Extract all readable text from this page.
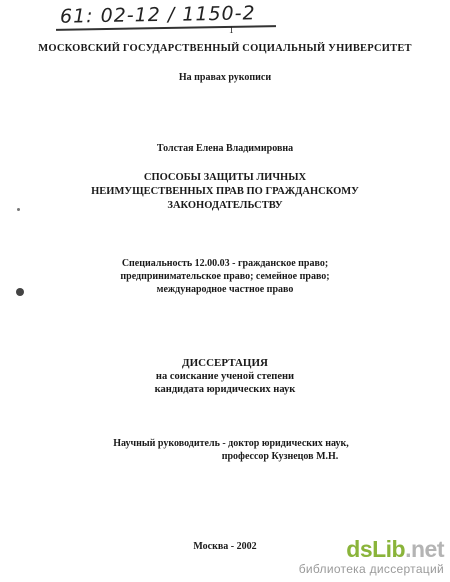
61: 02-12 / 1150-2
1
МОСКОВСКИЙ ГОСУДАРСТВЕННЫЙ СОЦИАЛЬНЫЙ УНИВЕРСИТЕТ
На правах рукописи
Толстая Елена Владимировна
СПОСОБЫ ЗАЩИТЫ ЛИЧНЫХ
НЕИМУЩЕСТВЕННЫХ ПРАВ ПО ГРАЖДАНСКОМУ
ЗАКОНОДАТЕЛЬСТВУ
Специальность 12.00.03 - гражданское право;
предпринимательское право; семейное право;
международное частное право
ДИССЕРТАЦИЯ
на соискание ученой степени
кандидата юридических наук
Научный руководитель - доктор юридических наук,
профессор Кузнецов М.Н.
Москва - 2002	dsLib.net
библиотека диссертаций
